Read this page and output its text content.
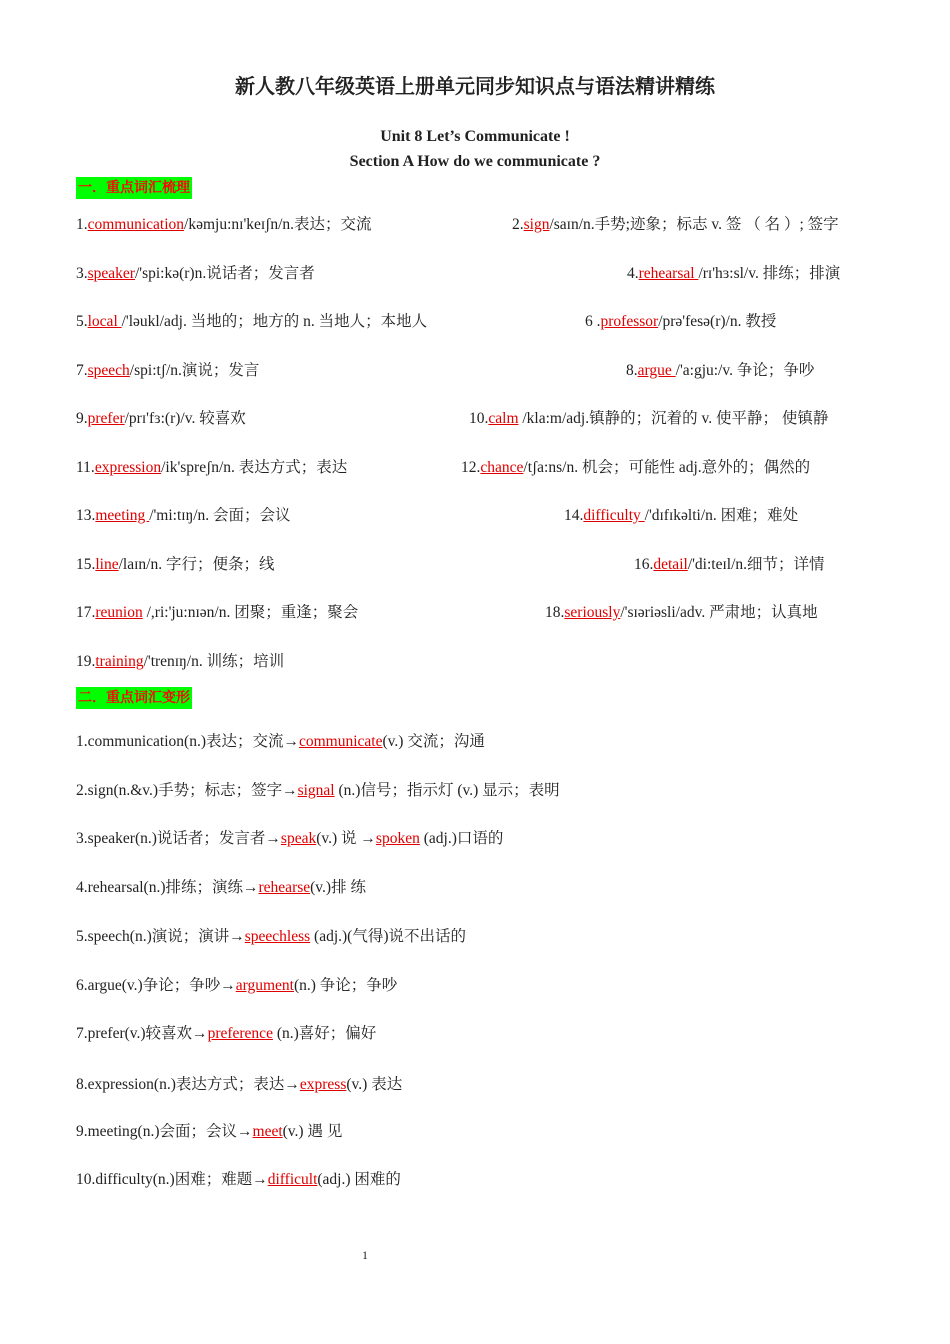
新人教八年级英语上册单元同步知识点与语法精讲精练
Unit 8 Let’s Communicate !
Section A How do we communicate ?
一．重点词汇梳理
1.communication/kəmju:nɪ'keɪʃn/n.表达；交流	2.sign/saɪn/n.手势;迹象；标志 v. 签 （ 名 ）; 签字
3.speaker/'spi:kə(r)n.说话者；发言者	4.rehearsal /rɪ'hɜ:sl/v. 排练；排演
5.local /'ləukl/adj. 当地的；地方的 n. 当地人；本地人	6 .professor/prə'fesə(r)/n. 教授
7.speech/spi:tʃ/n.演说；发言	8.argue /'a:gju:/v. 争论；争吵
9.prefer/prɪ'fɜ:(r)/v. 较喜欢	10.calm /kla:m/adj.镇静的；沉着的 v. 使平静； 使镇静
11.expression/ik'spreʃn/n. 表达方式；表达	12.chance/tʃa:ns/n. 机会；可能性 adj.意外的；偶然的
13.meeting /'mi:tɪŋ/n. 会面；会议	14.difficulty /'dɪfɪkəlti/n. 困难；难处
15.line/laɪn/n. 字行；便条；线	16.detail/'di:teɪl/n.细节；详情
17.reunion /,ri:'ju:nɪən/n. 团聚；重逢；聚会	18.seriously/'sɪəriəsli/adv. 严肃地；认真地
19.training/'trenɪŋ/n. 训练；培训
二．重点词汇变形
1.communication(n.)表达；交流→communicate(v.) 交流；沟通
2.sign(n.&v.)手势；标志；签字→signal (n.)信号；指示灯 (v.) 显示；表明
3.speaker(n.)说话者；发言者→speak(v.) 说 →spoken (adj.)口语的
4.rehearsal(n.)排练；演练→rehearse(v.)排 练
5.speech(n.)演说；演讲→speechless (adj.)(气得)说不出话的
6.argue(v.)争论；争吵→argument(n.) 争论；争吵
7.prefer(v.)较喜欢→preference (n.)喜好；偏好
8.expression(n.)表达方式；表达→express(v.) 表达
9.meeting(n.)会面；会议→meet(v.) 遇 见
10.difficulty(n.)困难；难题→difficult(adj.) 困难的
1
